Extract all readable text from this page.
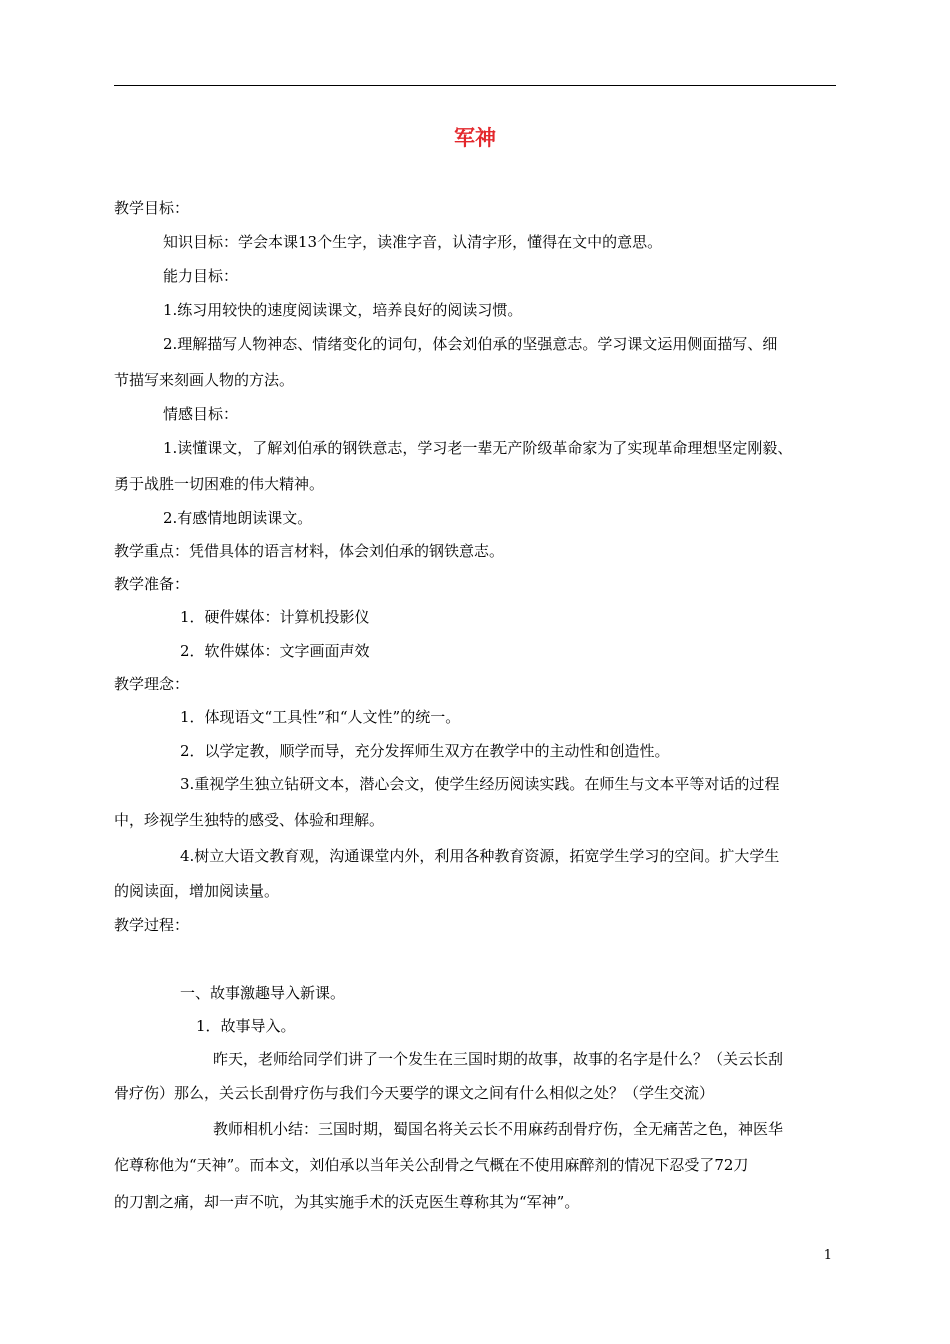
军神
教学目标：
知识目标：学会本课13个生字，读准字音，认清字形，懂得在文中的意思。
能力目标：
1.练习用较快的速度阅读课文，培养良好的阅读习惯。
2.理解描写人物神态、情绪变化的词句，体会刘伯承的坚强意志。学习课文运用侧面描写、细
节描写来刻画人物的方法。
情感目标：
1.读懂课文，了解刘伯承的钢铁意志，学习老一辈无产阶级革命家为了实现革命理想坚定刚毅、
勇于战胜一切困难的伟大精神。
2.有感情地朗读课文。
教学重点：凭借具体的语言材料，体会刘伯承的钢铁意志。
教学准备：
1．硬件媒体：计算机投影仪
2．软件媒体：文字画面声效
教学理念：
1．体现语文“工具性”和“人文性”的统一。
2．以学定教，顺学而导，充分发挥师生双方在教学中的主动性和创造性。
3.重视学生独立钻研文本，潜心会文，使学生经历阅读实践。在师生与文本平等对话的过程
中，珍视学生独特的感受、体验和理解。
4.树立大语文教育观，沟通课堂内外，利用各种教育资源，拓宽学生学习的空间。扩大学生
的阅读面，增加阅读量。
教学过程：
一、故事激趣导入新课。
1．故事导入。
昨天，老师给同学们讲了一个发生在三国时期的故事，故事的名字是什么？（关云长刮
骨疗伤）那么，关云长刮骨疗伤与我们今天要学的课文之间有什么相似之处？（学生交流）
教师相机小结：三国时期，蜀国名将关云长不用麻药刮骨疗伤，全无痛苦之色，神医华
佗尊称他为“天神”。而本文，刘伯承以当年关公刮骨之气概在不使用麻醉剂的情况下忍受了72刀
的刀割之痛，却一声不吭，为其实施手术的沃克医生尊称其为“军神”。
1
